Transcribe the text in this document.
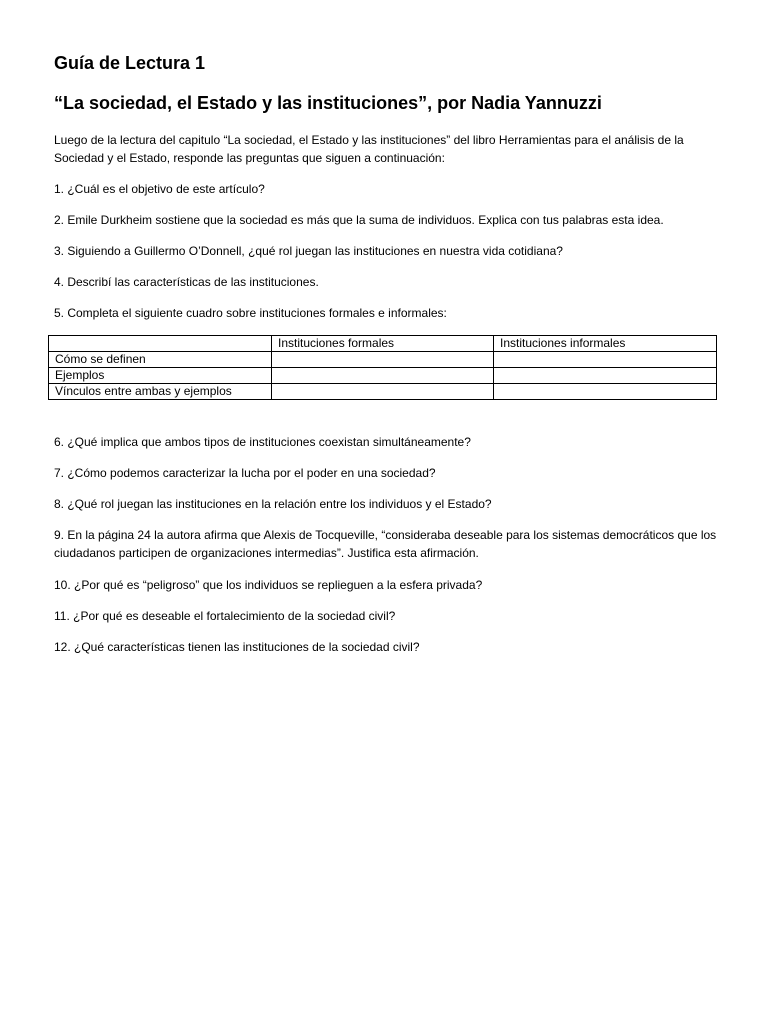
Guía de Lectura 1
“La sociedad, el Estado y las instituciones”, por Nadia Yannuzzi
Luego de la lectura del capitulo “La sociedad, el Estado y las instituciones” del libro Herramientas para el análisis de la Sociedad y el Estado, responde las preguntas que siguen a continuación:
1. ¿Cuál es el objetivo de este artículo?
2. Emile Durkheim sostiene que la sociedad es más que la suma de individuos. Explica con tus palabras esta idea.
3. Siguiendo a Guillermo O’Donnell, ¿qué rol juegan las instituciones en nuestra vida cotidiana?
4. Describí las características de las instituciones.
5. Completa el siguiente cuadro sobre instituciones formales e informales:
	Instituciones formales	Instituciones informales
Cómo se definen		
Ejemplos		
Vínculos entre ambas y ejemplos		
6. ¿Qué implica que ambos tipos de instituciones coexistan simultáneamente?
7. ¿Cómo podemos caracterizar la lucha por el poder en una sociedad?
8. ¿Qué rol juegan las instituciones en la relación entre los individuos y el Estado?
9. En la página 24 la autora afirma que Alexis de Tocqueville, “consideraba deseable para los sistemas democráticos que los ciudadanos participen de organizaciones intermedias”. Justifica esta afirmación.
10. ¿Por qué es “peligroso” que los individuos se replieguen a la esfera privada?
11. ¿Por qué es deseable el fortalecimiento de la sociedad civil?
12. ¿Qué características tienen las instituciones de la sociedad civil?
